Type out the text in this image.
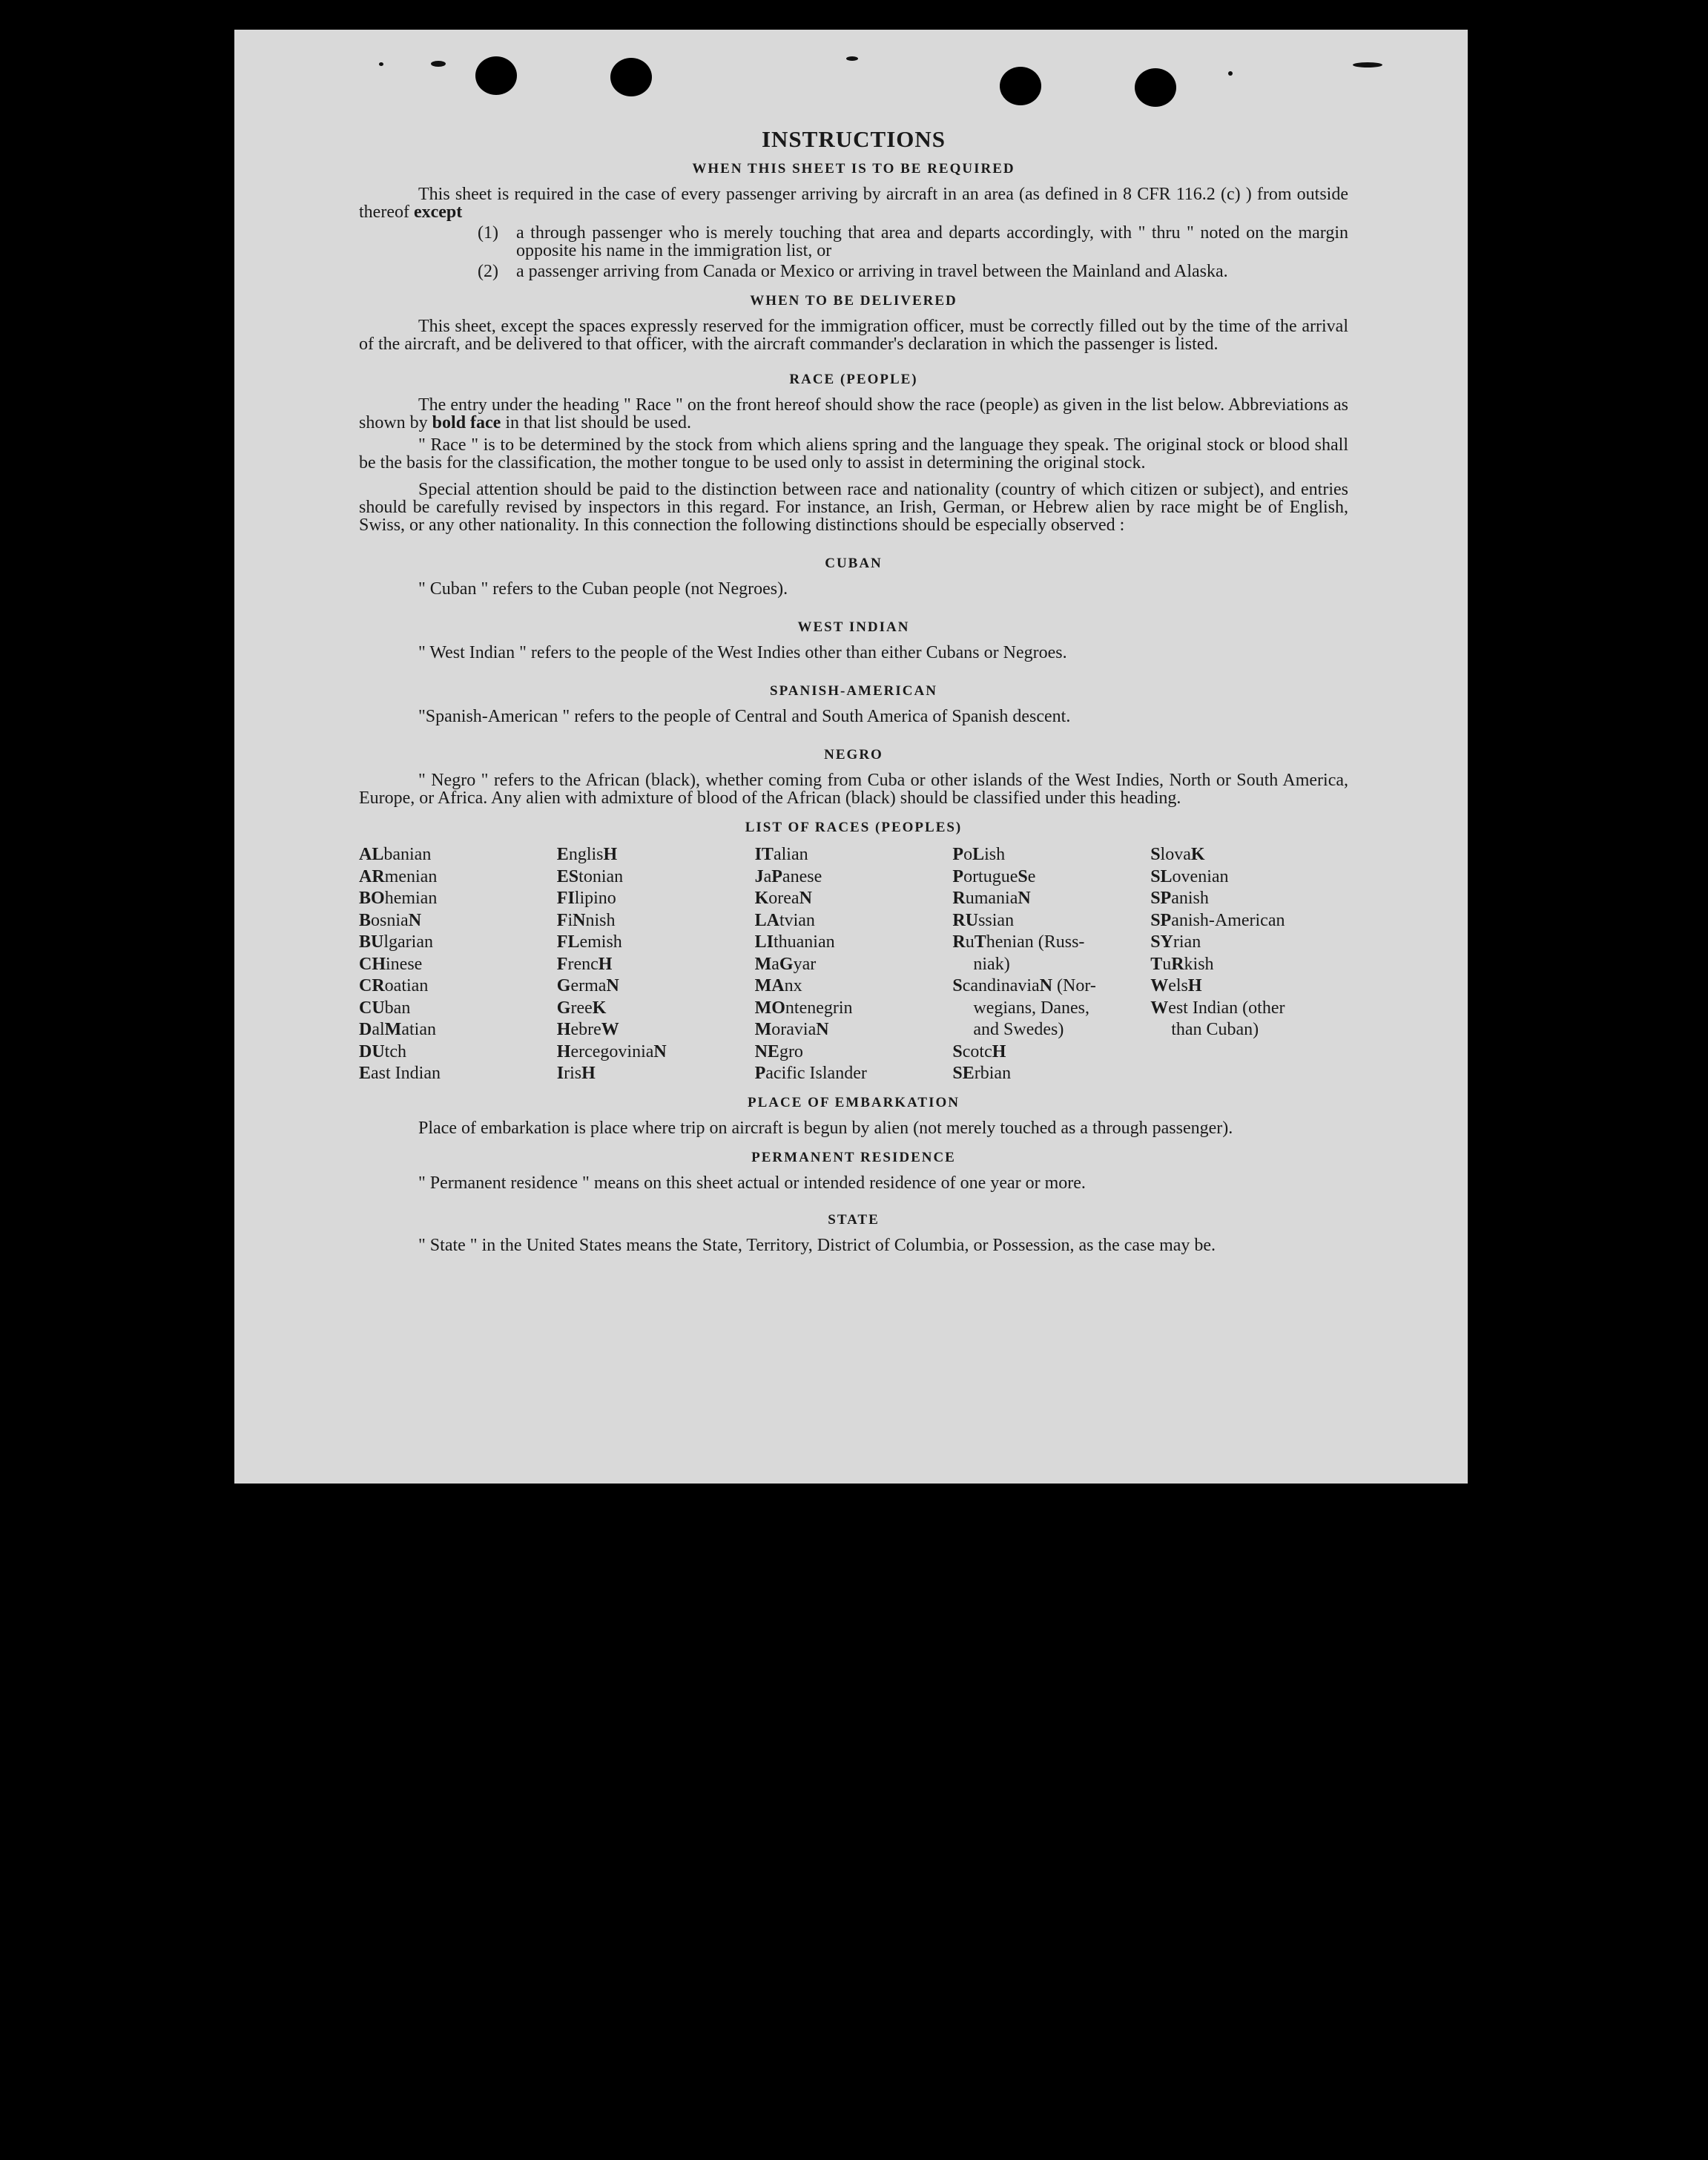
INSTRUCTIONS
WHEN THIS SHEET IS TO BE REQUIRED

This sheet is required in the case of every passenger arriving by aircraft in an area (as defined in 8 CFR 116.2 (c) ) from outside thereof except

(1)	a through passenger who is merely touching that area and departs accordingly, with " thru " noted on the margin opposite his name in the immigration list, or
(2)	a passenger arriving from Canada or Mexico or arriving in travel between the Mainland and Alaska.
WHEN TO BE DELIVERED

This sheet, except the spaces expressly reserved for the immigration officer, must be correctly filled out by the time of the arrival of the aircraft, and be delivered to that officer, with the aircraft commander's declaration in which the passenger is listed.

RACE (PEOPLE)

The entry under the heading " Race " on the front hereof should show the race (people) as given in the list below. Abbreviations as shown by bold face in that list should be used.

" Race " is to be determined by the stock from which aliens spring and the language they speak. The original stock or blood shall be the basis for the classification, the mother tongue to be used only to assist in determining the original stock.

Special attention should be paid to the distinction between race and nationality (country of which citizen or subject), and entries should be carefully revised by inspectors in this regard. For instance, an Irish, German, or Hebrew alien by race might be of English, Swiss, or any other nationality. In this connection the following distinctions should be especially observed :

CUBAN

" Cuban " refers to the Cuban people (not Negroes).

WEST INDIAN

" West Indian " refers to the people of the West Indies other than either Cubans or Negroes.

SPANISH-AMERICAN

"Spanish-American " refers to the people of Central and South America of Spanish descent.

NEGRO

" Negro " refers to the African (black), whether coming from Cuba or other islands of the West Indies, North or South America, Europe, or Africa. Any alien with admixture of blood of the African (black) should be classified under this heading.

LIST OF RACES (PEOPLES)
ALbanian
ARmenian
BOhemian
BosniaN
BUlgarian
CHinese
CRoatian
CUban
DalMatian
DUtch
East Indian
EnglisH
EStonian
FIlipino
FiNnish
FLemish
FrencH
GermaN
GreeK
HebreW
HercegoviniaN
IrisH
ITalian
JaPanese
KoreaN
LAtvian
LIthuanian
MaGyar
MAnx
MOntenegrin
MoraviaN
NEgro
Pacific Islander
PoLish
PortugueSe
RumaniaN
RUssian
RuThenian (Russ-
niak)
ScandinaviaN (Nor-
wegians, Danes,
and Swedes)
ScotcH
SErbian
SlovaK
SLovenian
SPanish
SPanish-American
SYrian
TuRkish
WelsH
West Indian (other
than Cuban)
PLACE OF EMBARKATION

Place of embarkation is place where trip on aircraft is begun by alien (not merely touched as a through passenger).

PERMANENT RESIDENCE

" Permanent residence " means on this sheet actual or intended residence of one year or more.

STATE

" State " in the United States means the State, Territory, District of Columbia, or Possession, as the case may be.
